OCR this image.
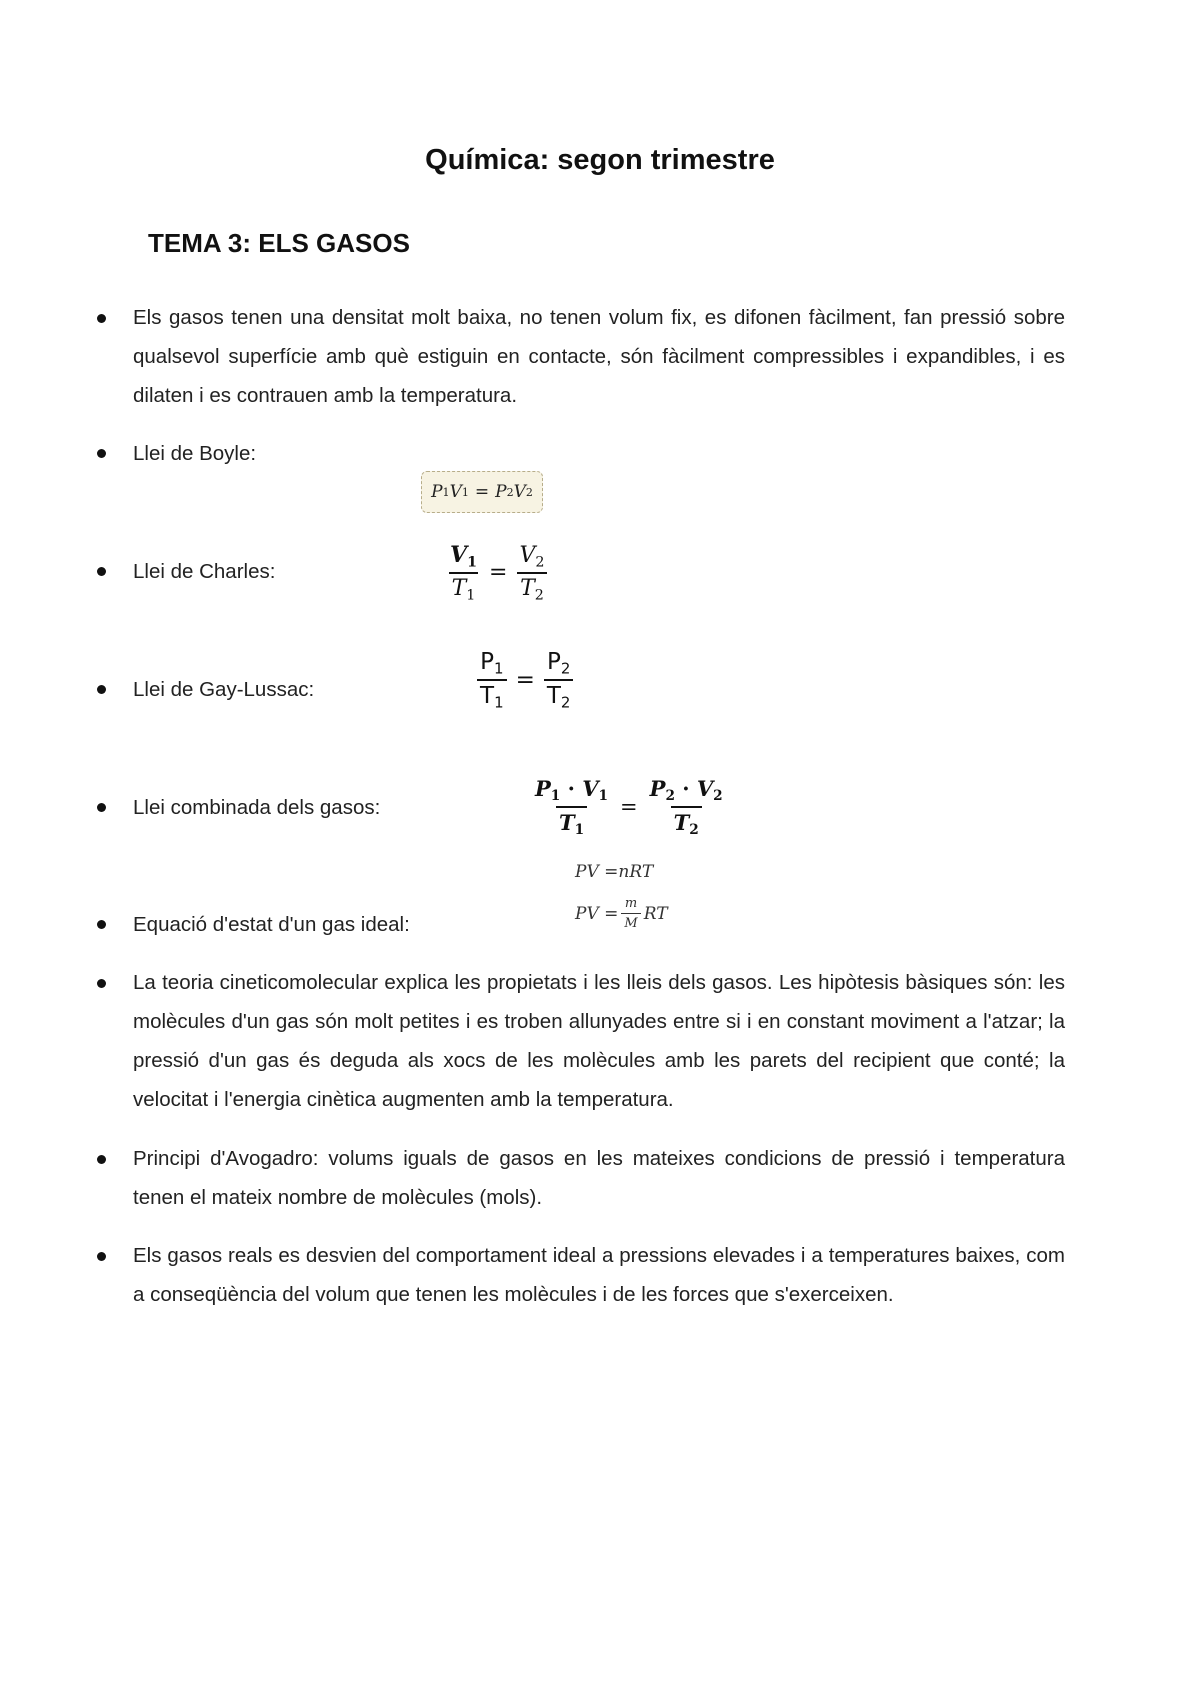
Química: segon trimestre
TEMA 3: ELS GASOS
Els gasos tenen una densitat molt baixa, no tenen volum fix, es difonen fàcilment, fan pressió sobre qualsevol superfície amb què estiguin en contacte, són fàcilment compressibles i expandibles, i es dilaten i es contrauen amb la temperatura.
Llei de Boyle:
P 1 V 1 = P 2 V 2
Llei de Charles:	$\frac{V_1}{T_1} = \frac{V_2}{T_2}$
Llei de Gay-Lussac:	$\frac{P_1}{T_1} = \frac{P_2}{T_2}$
Llei combinada dels gasos:	$\frac{P_1 \cdot V_1}{T_1} = \frac{P_2 \cdot V_2}{T_2}$
PV = nRT
Equació d'estat d'un gas ideal:	PV = $\frac{m}{M}$ RT
La teoria cineticomolecular explica les propietats i les lleis dels gasos. Les hipòtesis bàsiques són: les molècules d'un gas són molt petites i es troben allunyades entre si i en constant moviment a l'atzar; la pressió d'un gas és deguda als xocs de les molècules amb les parets del recipient que conté; la velocitat i l'energia cinètica augmenten amb la temperatura.
Principi d'Avogadro: volums iguals de gasos en les mateixes condicions de pressió i temperatura tenen el mateix nombre de molècules (mols).
Els gasos reals es desvien del comportament ideal a pressions elevades i a temperatures baixes, com a conseqüència del volum que tenen les molècules i de les forces que s'exerceixen.
